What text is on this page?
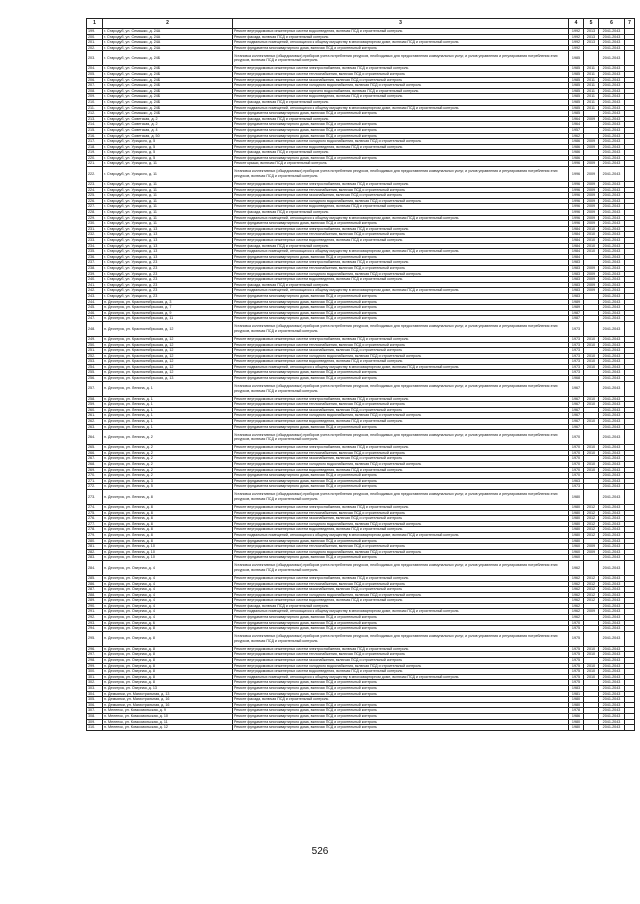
1	2	3	4	5	6	7
199.	г. Стародуб, ул. Семашко, д. 24А	Ремонт внутридомовых инженерных систем водоотведения, включая ПСД и строительный контроль	1992	2013	2041-2043	
200.	г. Стародуб, ул. Семашко, д. 24А	Ремонт фасада, включая ПСД и строительный контроль	1992	2013	2041-2043	
201.	г. Стародуб, ул. Семашко, д. 24А	Ремонт подвальных помещений, относящихся к общему имуществу в многоквартирном доме, включая ПСД и строительный контроль	1992	2013	2041-2043	
202.	г. Стародуб, ул. Семашко, д. 24А	Ремонт фундамента многоквартирного дома, включая ПСД и строительный контроль	1992		2041-2043	
203.	г. Стародуб, ул. Семашко, д. 24Б	Установка коллективных (общедомовых) приборов учета потребления ресурсов, необходимых для предоставления коммунальных услуг, и узлов управления и регулирования потребления этих ресурсов, включая ПСД и строительный контроль	1985		2041-2043	
204.	г. Стародуб, ул. Семашко, д. 24Б	Ремонт внутридомовых инженерных систем электроснабжения, включая ПСД и строительный контроль	1985	2011	2041-2043	
205.	г. Стародуб, ул. Семашко, д. 24Б	Ремонт внутридомовых инженерных систем теплоснабжения, включая ПСД и строительный контроль	1985	2011	2041-2043	
206.	г. Стародуб, ул. Семашко, д. 24Б	Ремонт внутридомовых инженерных систем газоснабжения, включая ПСД и строительный контроль	1985	2011	2041-2043	
207.	г. Стародуб, ул. Семашко, д. 24Б	Ремонт внутридомовых инженерных систем холодного водоснабжения, включая ПСД и строительный контроль	1985	2011	2041-2043	
208.	г. Стародуб, ул. Семашко, д. 24Б	Ремонт внутридомовых инженерных систем горячего водоснабжения, включая ПСД и строительный контроль	1985	2011	2041-2043	
209.	г. Стародуб, ул. Семашко, д. 24Б	Ремонт внутридомовых инженерных систем водоотведения, включая ПСД и строительный контроль	1985	2011	2041-2043	
210.	г. Стародуб, ул. Семашко, д. 24Б	Ремонт фасада, включая ПСД и строительный контроль	1985	2011	2041-2043	
211.	г. Стародуб, ул. Семашко, д. 24Б	Ремонт подвальных помещений, относящихся к общему имуществу в многоквартирном доме, включая ПСД и строительный контроль	1985	2011	2041-2043	
212.	г. Стародуб, ул. Семашко, д. 24Б	Ремонт фундамента многоквартирного дома, включая ПСД и строительный контроль	1985		2041-2043	
213.	г. Стародуб, ул. Советская, д. 2	Ремонт фасада, включая ПСД и строительный контроль	1964	2009	2041-2043	
214.	г. Стародуб, ул. Советская, д. 2	Ремонт фундамента многоквартирного дома, включая ПСД и строительный контроль	1964		2041-2043	
215.	г. Стародуб, ул. Советская, д. 4	Ремонт фундамента многоквартирного дома, включая ПСД и строительный контроль	1957		2041-2043	
216.	г. Стародуб, ул. Советская, д. 50	Ремонт фундамента многоквартирного дома, включая ПСД и строительный контроль	1962		2041-2043	
217.	г. Стародуб, ул. Урицкого, д. 5	Ремонт внутридомовых инженерных систем холодного водоснабжения, включая ПСД и строительный контроль	1986	2009	2041-2043	
218.	г. Стародуб, ул. Урицкого, д. 5	Ремонт внутридомовых инженерных систем водоотведения, включая ПСД и строительный контроль	1986	2009	2041-2043	
219.	г. Стародуб, ул. Урицкого, д. 5	Ремонт фасада, включая ПСД и строительный контроль	1986		2041-2043	
220.	г. Стародуб, ул. Урицкого, д. 5	Ремонт фундамента многоквартирного дома, включая ПСД и строительный контроль	1986		2041-2043	
221.	г. Стародуб, ул. Урицкого, д. 11	Ремонт крыши, включая ПСД и строительный контроль	1996	2009	2041-2043	
222.	г. Стародуб, ул. Урицкого, д. 11	Установка коллективных (общедомовых) приборов учета потребления ресурсов, необходимых для предоставления коммунальных услуг, и узлов управления и регулирования потребления этих ресурсов, включая ПСД и строительный контроль	1996	2009	2041-2043	
223.	г. Стародуб, ул. Урицкого, д. 11	Ремонт внутридомовых инженерных систем электроснабжения, включая ПСД и строительный контроль	1996	2009	2041-2043	
224.	г. Стародуб, ул. Урицкого, д. 11	Ремонт внутридомовых инженерных систем теплоснабжения, включая ПСД и строительный контроль	1996	2009	2041-2043	
225.	г. Стародуб, ул. Урицкого, д. 11	Ремонт внутридомовых инженерных систем газоснабжения, включая ПСД и строительный контроль	1996	2009	2041-2043	
226.	г. Стародуб, ул. Урицкого, д. 11	Ремонт внутридомовых инженерных систем холодного водоснабжения, включая ПСД и строительный контроль	1996	2009	2041-2043	
227.	г. Стародуб, ул. Урицкого, д. 11	Ремонт внутридомовых инженерных систем водоотведения, включая ПСД и строительный контроль	1996	2009	2041-2043	
228.	г. Стародуб, ул. Урицкого, д. 11	Ремонт фасада, включая ПСД и строительный контроль	1996	2009	2041-2043	
229.	г. Стародуб, ул. Урицкого, д. 11	Ремонт подвальных помещений, относящихся к общему имуществу в многоквартирном доме, включая ПСД и строительный контроль	1996	2009	2041-2043	
230.	г. Стародуб, ул. Урицкого, д. 11	Ремонт фундамента многоквартирного дома, включая ПСД и строительный контроль	1996	2009	2041-2043	
231.	г. Стародуб, ул. Урицкого, д. 13	Ремонт внутридомовых инженерных систем электроснабжения, включая ПСД и строительный контроль	1984	2010	2041-2043	
232.	г. Стародуб, ул. Урицкого, д. 13	Ремонт внутридомовых инженерных систем теплоснабжения, включая ПСД и строительный контроль	1984	2010	2041-2043	
233.	г. Стародуб, ул. Урицкого, д. 13	Ремонт внутридомовых инженерных систем водоотведения, включая ПСД и строительный контроль	1984	2010	2041-2043	
234.	г. Стародуб, ул. Урицкого, д. 13	Ремонт фасада, включая ПСД и строительный контроль	1984	2010	2041-2043	
235.	г. Стародуб, ул. Урицкого, д. 13	Ремонт подвальных помещений, относящихся к общему имуществу в многоквартирном доме, включая ПСД и строительный контроль	1984	2010	2041-2043	
236.	г. Стародуб, ул. Урицкого, д. 13	Ремонт фундамента многоквартирного дома, включая ПСД и строительный контроль	1984		2041-2043	
237.	г. Стародуб, ул. Урицкого, д. 23	Ремонт внутридомовых инженерных систем электроснабжения, включая ПСД и строительный контроль	1983		2041-2043	
238.	г. Стародуб, ул. Урицкого, д. 23	Ремонт внутридомовых инженерных систем теплоснабжения, включая ПСД и строительный контроль	1983	2009	2041-2043	
239.	г. Стародуб, ул. Урицкого, д. 23	Ремонт внутридомовых инженерных систем холодного водоснабжения, включая ПСД и строительный контроль	1983	2009	2041-2043	
240.	г. Стародуб, ул. Урицкого, д. 23	Ремонт внутридомовых инженерных систем водоотведения, включая ПСД и строительный контроль	1983	2009	2041-2043	
241.	г. Стародуб, ул. Урицкого, д. 23	Ремонт фасада, включая ПСД и строительный контроль	1983	2009	2041-2043	
242.	г. Стародуб, ул. Урицкого, д. 23	Ремонт подвальных помещений, относящихся к общему имуществу в многоквартирном доме, включая ПСД и строительный контроль	1983	2009	2041-2043	
243.	г. Стародуб, ул. Урицкого, д. 23	Ремонт фундамента многоквартирного дома, включая ПСД и строительный контроль	1983		2041-2043	
244.	п. Десятуха, ул. Красноктябрьская, д. 3	Ремонт фундамента многоквартирного дома, включая ПСД и строительный контроль	1989		2041-2043	
245.	п. Десятуха, ул. Красноктябрьская, д. 7	Ремонт фундамента многоквартирного дома, включая ПСД и строительный контроль	1989		2041-2043	
246.	п. Десятуха, ул. Красноктябрьская, д. 9	Ремонт фундамента многоквартирного дома, включая ПСД и строительный контроль	1987		2041-2043	
247.	п. Десятуха, ул. Красноктябрьская, д. 11	Ремонт фундамента многоквартирного дома, включая ПСД и строительный контроль	1987		2041-2043	
248.	п. Десятуха, ул. Красноктябрьская, д. 12	Установка коллективных (общедомовых) приборов учета потребления ресурсов, необходимых для предоставления коммунальных услуг, и узлов управления и регулирования потребления этих ресурсов, включая ПСД и строительный контроль	1973		2041-2043	
249.	п. Десятуха, ул. Красноктябрьская, д. 12	Ремонт внутридомовых инженерных систем электроснабжения, включая ПСД и строительный контроль	1973	2010	2041-2043	
250.	п. Десятуха, ул. Красноктябрьская, д. 12	Ремонт внутридомовых инженерных систем теплоснабжения, включая ПСД и строительный контроль	1973	2010	2041-2043	
251.	п. Десятуха, ул. Красноктябрьская, д. 12	Ремонт внутридомовых инженерных систем газоснабжения, включая ПСД и строительный контроль	1973		2041-2043	
252.	п. Десятуха, ул. Красноктябрьская, д. 12	Ремонт внутридомовых инженерных систем холодного водоснабжения, включая ПСД и строительный контроль	1973	2010	2041-2043	
253.	п. Десятуха, ул. Красноктябрьская, д. 12	Ремонт внутридомовых инженерных систем водоотведения, включая ПСД и строительный контроль	1973	2010	2041-2043	
254.	п. Десятуха, ул. Красноктябрьская, д. 12	Ремонт подвальных помещений, относящихся к общему имуществу в многоквартирном доме, включая ПСД и строительный контроль	1973	2010	2041-2043	
255.	п. Десятуха, ул. Красноктябрьская, д. 12	Ремонт фундамента многоквартирного дома, включая ПСД и строительный контроль	1973		2041-2043	
256.	п. Десятуха, ул. Красноктябрьская, д. 13	Ремонт фундамента многоквартирного дома, включая ПСД и строительный контроль	1968		2041-2043	
257.	п. Десятуха, ул. Ленина, д. 1	Установка коллективных (общедомовых) приборов учета потребления ресурсов, необходимых для предоставления коммунальных услуг, и узлов управления и регулирования потребления этих ресурсов, включая ПСД и строительный контроль	1967		2041-2043	
258.	п. Десятуха, ул. Ленина, д. 1	Ремонт внутридомовых инженерных систем электроснабжения, включая ПСД и строительный контроль	1967	2010	2041-2043	
259.	п. Десятуха, ул. Ленина, д. 1	Ремонт внутридомовых инженерных систем теплоснабжения, включая ПСД и строительный контроль	1967	2010	2041-2043	
260.	п. Десятуха, ул. Ленина, д. 1	Ремонт внутридомовых инженерных систем газоснабжения, включая ПСД и строительный контроль	1967		2041-2043	
261.	п. Десятуха, ул. Ленина, д. 1	Ремонт внутридомовых инженерных систем холодного водоснабжения, включая ПСД и строительный контроль	1967		2041-2043	
262.	п. Десятуха, ул. Ленина, д. 1	Ремонт внутридомовых инженерных систем водоотведения, включая ПСД и строительный контроль	1967	2010	2041-2043	
263.	п. Десятуха, ул. Ленина, д. 1	Ремонт фундамента многоквартирного дома, включая ПСД и строительный контроль	1967		2041-2043	
264.	п. Десятуха, ул. Ленина, д. 2	Установка коллективных (общедомовых) приборов учета потребления ресурсов, необходимых для предоставления коммунальных услуг, и узлов управления и регулирования потребления этих ресурсов, включая ПСД и строительный контроль	1970		2041-2043	
265.	п. Десятуха, ул. Ленина, д. 2	Ремонт внутридомовых инженерных систем электроснабжения, включая ПСД и строительный контроль	1970	2010	2041-2043	
266.	п. Десятуха, ул. Ленина, д. 2	Ремонт внутридомовых инженерных систем теплоснабжения, включая ПСД и строительный контроль	1970	2010	2041-2043	
267.	п. Десятуха, ул. Ленина, д. 2	Ремонт внутридомовых инженерных систем газоснабжения, включая ПСД и строительный контроль	1970		2041-2043	
268.	п. Десятуха, ул. Ленина, д. 2	Ремонт внутридомовых инженерных систем холодного водоснабжения, включая ПСД и строительный контроль	1970	2010	2041-2043	
269.	п. Десятуха, ул. Ленина, д. 2	Ремонт внутридомовых инженерных систем водоотведения, включая ПСД и строительный контроль	1970	2010	2041-2043	
270.	п. Десятуха, ул. Ленина, д. 2	Ремонт фундамента многоквартирного дома, включая ПСД и строительный контроль	1970		2041-2043	
271.	п. Десятуха, ул. Ленина, д. 3	Ремонт фундамента многоквартирного дома, включая ПСД и строительный контроль	1963		2041-2043	
272.	п. Десятуха, ул. Ленина, д. 5	Ремонт фундамента многоквартирного дома, включая ПСД и строительный контроль	1973		2041-2043	
273.	п. Десятуха, ул. Ленина, д. 8	Установка коллективных (общедомовых) приборов учета потребления ресурсов, необходимых для предоставления коммунальных услуг, и узлов управления и регулирования потребления этих ресурсов, включая ПСД и строительный контроль	1980		2041-2043	
274.	п. Десятуха, ул. Ленина, д. 8	Ремонт внутридомовых инженерных систем электроснабжения, включая ПСД и строительный контроль	1980	2012	2041-2043	
275.	п. Десятуха, ул. Ленина, д. 8	Ремонт внутридомовых инженерных систем теплоснабжения, включая ПСД и строительный контроль	1980	2012	2041-2043	
276.	п. Десятуха, ул. Ленина, д. 8	Ремонт внутридомовых инженерных систем газоснабжения, включая ПСД и строительный контроль	1980	2012	2041-2043	
277.	п. Десятуха, ул. Ленина, д. 8	Ремонт внутридомовых инженерных систем холодного водоснабжения, включая ПСД и строительный контроль	1980	2012	2041-2043	
278.	п. Десятуха, ул. Ленина, д. 8	Ремонт внутридомовых инженерных систем водоотведения, включая ПСД и строительный контроль	1980	2012	2041-2043	
279.	п. Десятуха, ул. Ленина, д. 8	Ремонт подвальных помещений, относящихся к общему имуществу в многоквартирном доме, включая ПСД и строительный контроль	1980	2012	2041-2043	
280.	п. Десятуха, ул. Ленина, д. 8	Ремонт фундамента многоквартирного дома, включая ПСД и строительный контроль	1980		2041-2043	
281.	п. Десятуха, ул. Ленина, д. 10	Ремонт внутридомовых инженерных систем теплоснабжения, включая ПСД и строительный контроль	1960	2009	2041-2043	
282.	п. Десятуха, ул. Ленина, д. 10	Ремонт внутридомовых инженерных систем холодного водоснабжения, включая ПСД и строительный контроль	1960	2009	2041-2043	
283.	п. Десятуха, ул. Ленина, д. 10	Ремонт фундамента многоквартирного дома, включая ПСД и строительный контроль	1960		2041-2043	
284.	п. Десятуха, ул. Озерная, д. 4	Установка коллективных (общедомовых) приборов учета потребления ресурсов, необходимых для предоставления коммунальных услуг, и узлов управления и регулирования потребления этих ресурсов, включая ПСД и строительный контроль	1962		2041-2043	
285.	п. Десятуха, ул. Озерная, д. 4	Ремонт внутридомовых инженерных систем электроснабжения, включая ПСД и строительный контроль	1962	2012	2041-2043	
286.	п. Десятуха, ул. Озерная, д. 4	Ремонт внутридомовых инженерных систем теплоснабжения, включая ПСД и строительный контроль	1962	2012	2041-2043	
287.	п. Десятуха, ул. Озерная, д. 4	Ремонт внутридомовых инженерных систем газоснабжения, включая ПСД и строительный контроль	1962	2012	2041-2043	
288.	п. Десятуха, ул. Озерная, д. 4	Ремонт внутридомовых инженерных систем холодного водоснабжения, включая ПСД и строительный контроль	1962	2012	2041-2043	
289.	п. Десятуха, ул. Озерная, д. 4	Ремонт внутридомовых инженерных систем водоотведения, включая ПСД и строительный контроль	1962	2012	2041-2043	
290.	п. Десятуха, ул. Озерная, д. 4	Ремонт фасада, включая ПСД и строительный контроль	1962		2041-2043	
291.	п. Десятуха, ул. Озерная, д. 4	Ремонт подвальных помещений, относящихся к общему имуществу в многоквартирном доме, включая ПСД и строительный контроль	1962	2009	2041-2043	
292.	п. Десятуха, ул. Озерная, д. 4	Ремонт фундамента многоквартирного дома, включая ПСД и строительный контроль	1962		2041-2043	
293.	п. Десятуха, ул. Озерная, д. 6	Ремонт фундамента многоквартирного дома, включая ПСД и строительный контроль	1970		2041-2043	
294.	п. Десятуха, ул. Озерная, д. 8	Ремонт фундамента многоквартирного дома, включая ПСД и строительный контроль	1975		2041-2043	
295.	п. Десятуха, ул. Озерная, д. 8	Установка коллективных (общедомовых) приборов учета потребления ресурсов, необходимых для предоставления коммунальных услуг, и узлов управления и регулирования потребления этих ресурсов, включая ПСД и строительный контроль	1975		2041-2043	
296.	п. Десятуха, ул. Озерная, д. 8	Ремонт внутридомовых инженерных систем электроснабжения, включая ПСД и строительный контроль	1975	2010	2041-2043	
297.	п. Десятуха, ул. Озерная, д. 8	Ремонт внутридомовых инженерных систем теплоснабжения, включая ПСД и строительный контроль	1975	2010	2041-2043	
298.	п. Десятуха, ул. Озерная, д. 8	Ремонт внутридомовых инженерных систем газоснабжения, включая ПСД и строительный контроль	1975		2041-2043	
299.	п. Десятуха, ул. Озерная, д. 8	Ремонт внутридомовых инженерных систем холодного водоснабжения, включая ПСД и строительный контроль	1975	2010	2041-2043	
300.	п. Десятуха, ул. Озерная, д. 8	Ремонт внутридомовых инженерных систем водоотведения, включая ПСД и строительный контроль	1975	2010	2041-2043	
301.	п. Десятуха, ул. Озерная, д. 8	Ремонт подвальных помещений, относящихся к общему имуществу в многоквартирном доме, включая ПСД и строительный контроль	1975	2010	2041-2043	
302.	п. Десятуха, ул. Озерная, д. 8	Ремонт фундамента многоквартирного дома, включая ПСД и строительный контроль	1975		2041-2043	
303.	п. Десятуха, ул. Озерная, д. 13	Ремонт фундамента многоквартирного дома, включая ПСД и строительный контроль	1983		2041-2043	
304.	п. Демьянки, ул. Магистральная, д. 13	Ремонт фундамента многоквартирного дома, включая ПСД и строительный контроль	1981		2041-2043	
305.	п. Демьянки, ул. Магистральная, д. 16	Ремонт фасада, включая ПСД и строительный контроль	1980		2041-2043	
306.	п. Демьянки, ул. Магистральная, д. 16	Ремонт фундамента многоквартирного дома, включая ПСД и строительный контроль	1980		2041-2043	
307.	п. Меленск, ул. Комсомольская, д. 9	Ремонт фундамента многоквартирного дома, включая ПСД и строительный контроль	1978		2041-2043	
308.	п. Меленск, ул. Комсомольская, д. 10	Ремонт фундамента многоквартирного дома, включая ПСД и строительный контроль	1986		2041-2043	
309.	п. Меленск, ул. Комсомольская, д. 11	Ремонт фундамента многоквартирного дома, включая ПСД и строительный контроль	1980		2041-2043	
310.	п. Меленск, ул. Комсомольская, д. 12	Ремонт фундамента многоквартирного дома, включая ПСД и строительный контроль	1980		2041-2043	
526
